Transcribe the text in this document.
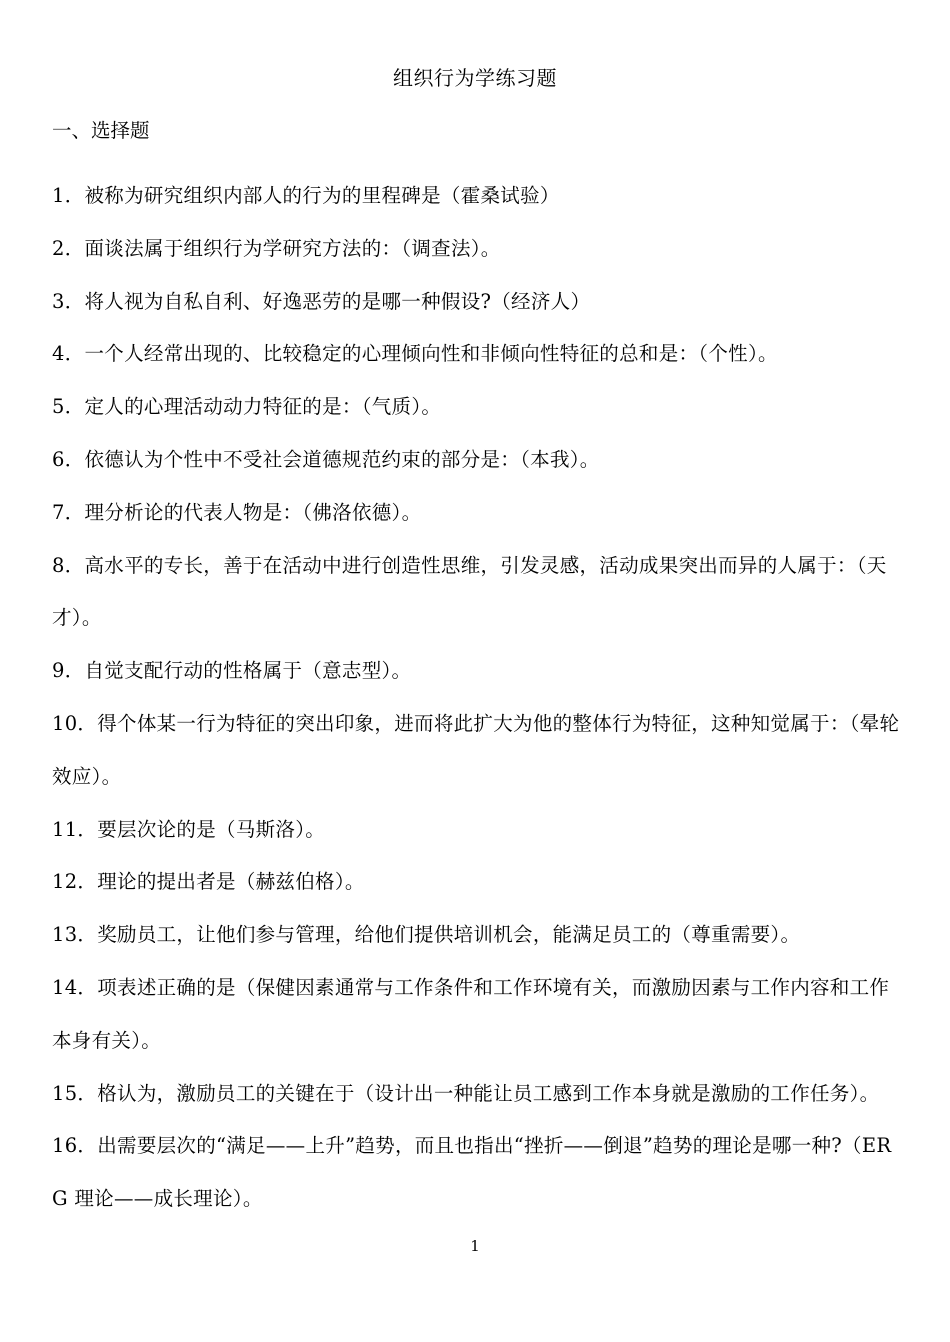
组织行为学练习题
一、选择题
1．被称为研究组织内部人的行为的里程碑是（霍桑试验）
2．面谈法属于组织行为学研究方法的：（调查法）。
3．将人视为自私自利、好逸恶劳的是哪一种假设?（经济人）
4．一个人经常出现的、比较稳定的心理倾向性和非倾向性特征的总和是：（个性）。
5．定人的心理活动动力特征的是：（气质）。
6．依德认为个性中不受社会道德规范约束的部分是：（本我）。
7．理分析论的代表人物是：（佛洛依德）。
8．高水平的专长，善于在活动中进行创造性思维，引发灵感，活动成果突出而异的人属于：（天才）。
9．自觉支配行动的性格属于（意志型）。
10．得个体某一行为特征的突出印象，进而将此扩大为他的整体行为特征，这种知觉属于：（晕轮效应）。
11．要层次论的是（马斯洛）。
12．理论的提出者是（赫兹伯格）。
13．奖励员工，让他们参与管理，给他们提供培训机会，能满足员工的（尊重需要）。
14．项表述正确的是（保健因素通常与工作条件和工作环境有关，而激励因素与工作内容和工作本身有关）。
15．格认为，激励员工的关键在于（设计出一种能让员工感到工作本身就是激励的工作任务）。
16．出需要层次的“满足——上升”趋势，而且也指出“挫折——倒退”趋势的理论是哪一种?（ERG 理论——成长理论）。
1
